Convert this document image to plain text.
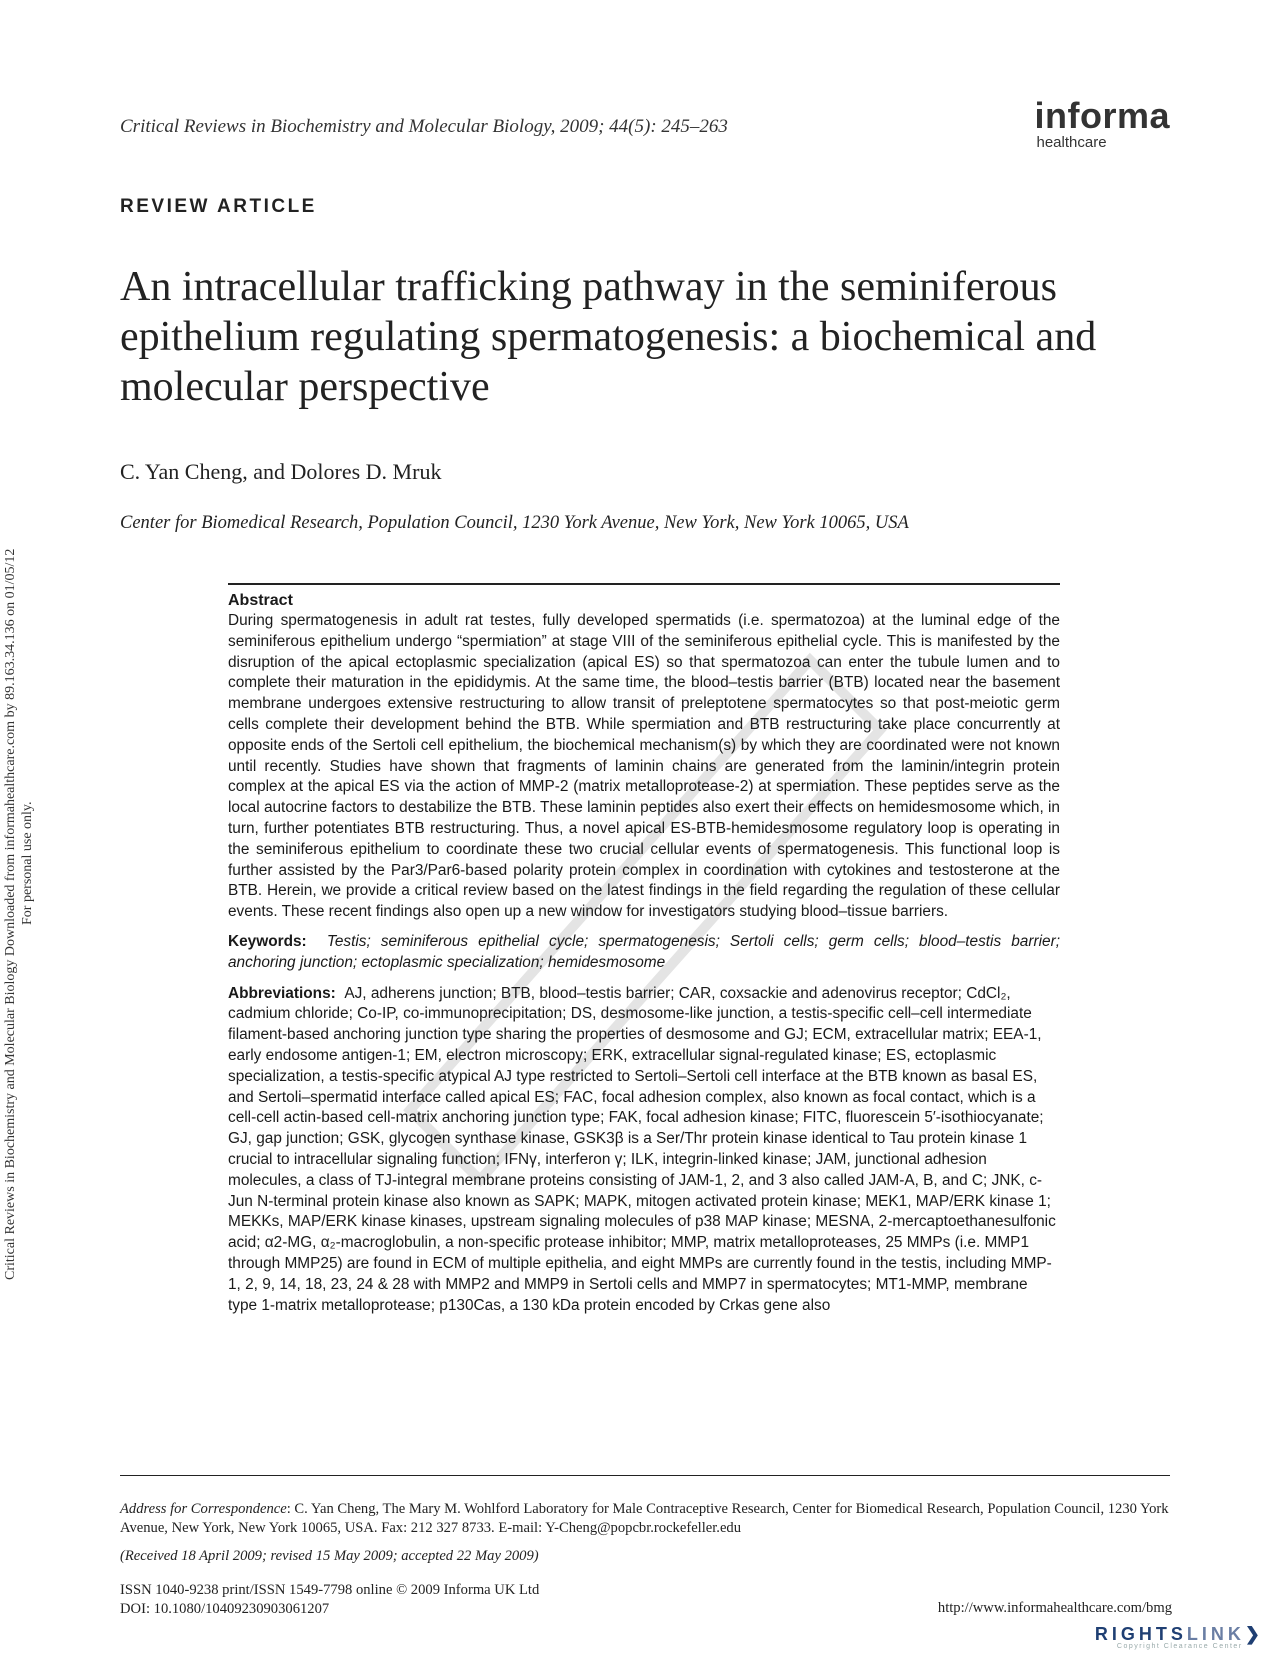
Critical Reviews in Biochemistry and Molecular Biology Downloaded from informahealthcare.com by 89.163.34.136 on 01/05/12 For personal use only.
Critical Reviews in Biochemistry and Molecular Biology, 2009; 44(5): 245–263	informa
healthcare
REVIEW ARTICLE
An intracellular trafficking pathway in the seminiferous epithelium regulating spermatogenesis: a biochemical and molecular perspective
C. Yan Cheng, and Dolores D. Mruk
Center for Biomedical Research, Population Council, 1230 York Avenue, New York, New York 10065, USA
Abstract

During spermatogenesis in adult rat testes, fully developed spermatids (i.e. spermatozoa) at the luminal edge of the seminiferous epithelium undergo “spermiation” at stage VIII of the seminiferous epithelial cycle. This is manifested by the disruption of the apical ectoplasmic specialization (apical ES) so that spermatozoa can enter the tubule lumen and to complete their maturation in the epididymis. At the same time, the blood–testis barrier (BTB) located near the basement membrane undergoes extensive restructuring to allow transit of preleptotene spermatocytes so that post-meiotic germ cells complete their development behind the BTB. While spermiation and BTB restructuring take place concurrently at opposite ends of the Sertoli cell epithelium, the biochemical mechanism(s) by which they are coordinated were not known until recently. Studies have shown that fragments of laminin chains are generated from the laminin/integrin protein complex at the apical ES via the action of MMP-2 (matrix metalloprotease-2) at spermiation. These peptides serve as the local autocrine factors to destabilize the BTB. These laminin peptides also exert their effects on hemidesmosome which, in turn, further potentiates BTB restructuring. Thus, a novel apical ES-BTB-hemidesmosome regulatory loop is operating in the seminiferous epithelium to coordinate these two crucial cellular events of spermatogenesis. This functional loop is further assisted by the Par3/Par6-based polarity protein complex in coordination with cytokines and testosterone at the BTB. Herein, we provide a critical review based on the latest findings in the field regarding the regulation of these cellular events. These recent findings also open up a new window for investigators studying blood–tissue barriers.

Keywords: Testis; seminiferous epithelial cycle; spermatogenesis; Sertoli cells; germ cells; blood–testis barrier; anchoring junction; ectoplasmic specialization; hemidesmosome

Abbreviations: AJ, adherens junction; BTB, blood–testis barrier; CAR, coxsackie and adenovirus receptor; CdCl₂, cadmium chloride; Co-IP, co-immunoprecipitation; DS, desmosome-like junction, a testis-specific cell–cell intermediate filament-based anchoring junction type sharing the properties of desmosome and GJ; ECM, extracellular matrix; EEA-1, early endosome antigen-1; EM, electron microscopy; ERK, extracellular signal-regulated kinase; ES, ectoplasmic specialization, a testis-specific atypical AJ type restricted to Sertoli–Sertoli cell interface at the BTB known as basal ES, and Sertoli–spermatid interface called apical ES; FAC, focal adhesion complex, also known as focal contact, which is a cell-cell actin-based cell-matrix anchoring junction type; FAK, focal adhesion kinase; FITC, fluorescein 5′-isothiocyanate; GJ, gap junction; GSK, glycogen synthase kinase, GSK3β is a Ser/Thr protein kinase identical to Tau protein kinase 1 crucial to intracellular signaling function; IFNγ, interferon γ; ILK, integrin-linked kinase; JAM, junctional adhesion molecules, a class of TJ-integral membrane proteins consisting of JAM-1, 2, and 3 also called JAM-A, B, and C; JNK, c-Jun N-terminal protein kinase also known as SAPK; MAPK, mitogen activated protein kinase; MEK1, MAP/ERK kinase 1; MEKKs, MAP/ERK kinase kinases, upstream signaling molecules of p38 MAP kinase; MESNA, 2-mercaptoethanesulfonic acid; α2-MG, α₂-macroglobulin, a non-specific protease inhibitor; MMP, matrix metalloproteases, 25 MMPs (i.e. MMP1 through MMP25) are found in ECM of multiple epithelia, and eight MMPs are currently found in the testis, including MMP-1, 2, 9, 14, 18, 23, 24 & 28 with MMP2 and MMP9 in Sertoli cells and MMP7 in spermatocytes; MT1-MMP, membrane type 1-matrix metalloprotease; p130Cas, a 130 kDa protein encoded by Crkas gene also

Address for Correspondence: C. Yan Cheng, The Mary M. Wohlford Laboratory for Male Contraceptive Research, Center for Biomedical Research, Population Council, 1230 York Avenue, New York, New York 10065, USA. Fax: 212 327 8733. E-mail: Y-Cheng@popcbr.rockefeller.edu
(Received 18 April 2009; revised 15 May 2009; accepted 22 May 2009)
ISSN 1040-9238 print/ISSN 1549-7798 online © 2009 Informa UK Ltd
DOI: 10.1080/10409230903061207	http://www.informahealthcare.com/bmg
RIGHTSLINK❯
Copyright Clearance Center
